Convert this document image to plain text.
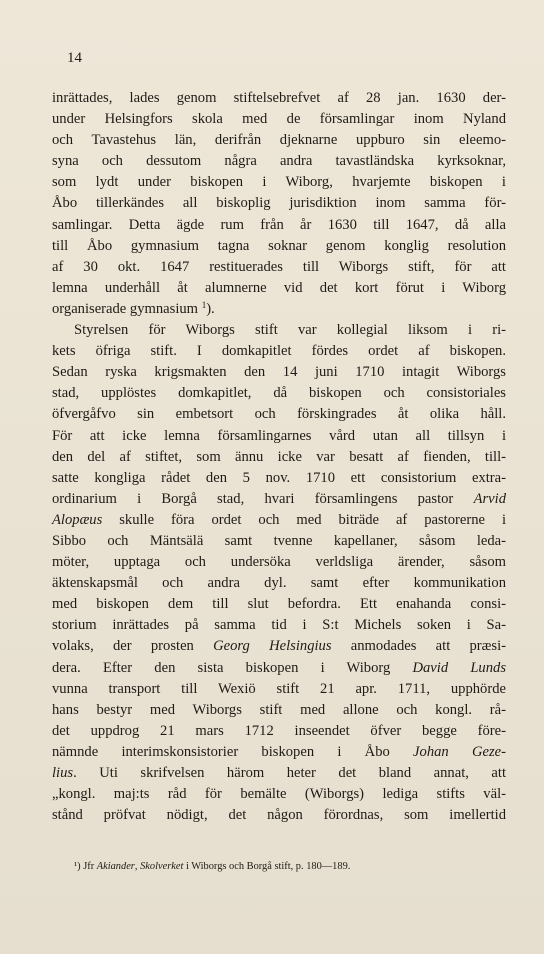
14
inrättades, lades genom stiftelsebrefvet af 28 jan. 1630 der-
under Helsingfors skola med de församlingar inom Nyland
och Tavastehus län, derifrån djeknarne uppburo sin eleemo-
syna och dessutom några andra tavastländska kyrksoknar,
som lydt under biskopen i Wiborg, hvarjemte biskopen i
Åbo tillerkändes all biskoplig jurisdiktion inom samma för-
samlingar. Detta ägde rum från år 1630 till 1647, då alla
till Åbo gymnasium tagna soknar genom konglig resolution
af 30 okt. 1647 restituerades till Wiborgs stift, för att
lemna underhåll åt alumnerne vid det kort förut i Wiborg
organiserade gymnasium $^1$).
Styrelsen för Wiborgs stift var kollegial liksom i ri-
kets öfriga stift. I domkapitlet fördes ordet af biskopen.
Sedan ryska krigsmakten den 14 juni 1710 intagit Wiborgs
stad, upplöstes domkapitlet, då biskopen och consistoriales
öfvergåfvo sin embetsort och förskingrades åt olika håll.
För att icke lemna församlingarnes vård utan all tillsyn i
den del af stiftet, som ännu icke var besatt af fienden, till-
satte kongliga rådet den 5 nov. 1710 ett consistorium extra-
ordinarium i Borgå stad, hvari församlingens pastor Arvid
Alopæus skulle föra ordet och med biträde af pastorerne i
Sibbo och Mäntsälä samt tvenne kapellaner, såsom leda-
möter, upptaga och undersöka verldsliga ärender, såsom
äktenskapsmål och andra dyl. samt efter kommunikation
med biskopen dem till slut befordra. Ett enahanda consi-
storium inrättades på samma tid i S:t Michels soken i Sa-
volaks, der prosten Georg Helsingius anmodades att præsi-
dera. Efter den sista biskopen i Wiborg David Lunds
vunna transport till Wexiö stift 21 apr. 1711, upphörde
hans bestyr med Wiborgs stift med allone och kongl. rå-
det uppdrog 21 mars 1712 inseendet öfver begge före-
nämnde interimskonsistorier biskopen i Åbo Johan Geze-
lius. Uti skrifvelsen härom heter det bland annat, att
„kongl. maj:ts råd för bemälte (Wiborgs) lediga stifts väl-
stånd pröfvat nödigt, det någon förordnas, som imellertid
¹) Jfr Akiander, Skolverket i Wiborgs och Borgå stift, p. 180—189.
